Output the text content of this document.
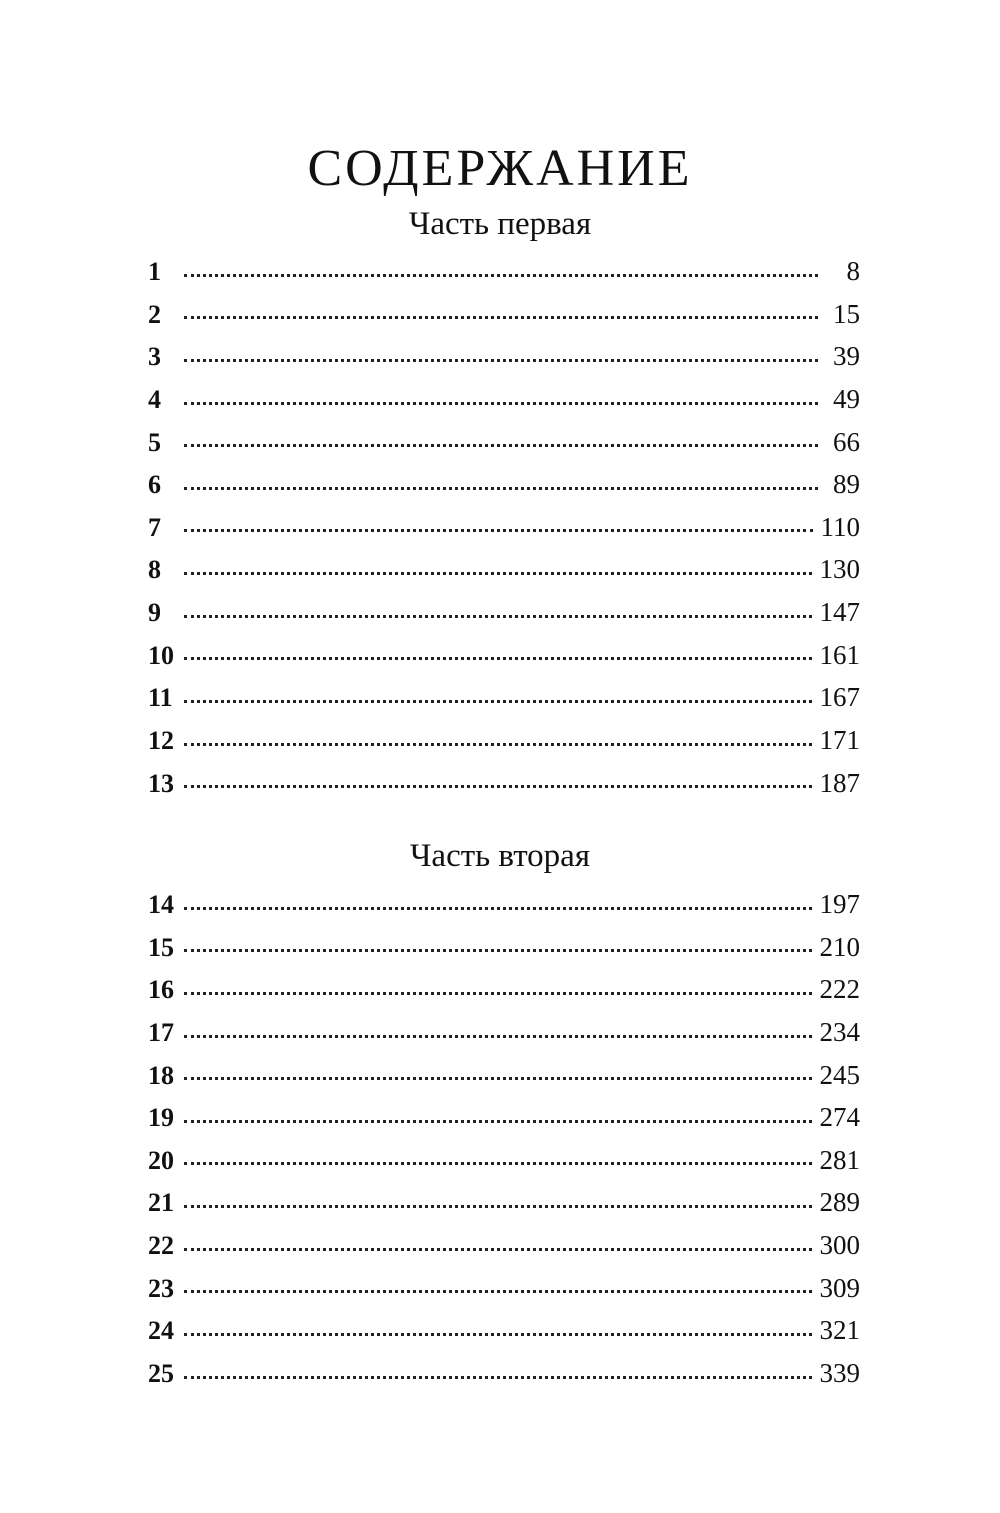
СОДЕРЖАНИЕ
Часть первая
1	8
2	15
3	39
4	49
5	66
6	89
7	110
8	130
9	147
10	161
11	167
12	171
13	187
Часть вторая
14	197
15	210
16	222
17	234
18	245
19	274
20	281
21	289
22	300
23	309
24	321
25	339
